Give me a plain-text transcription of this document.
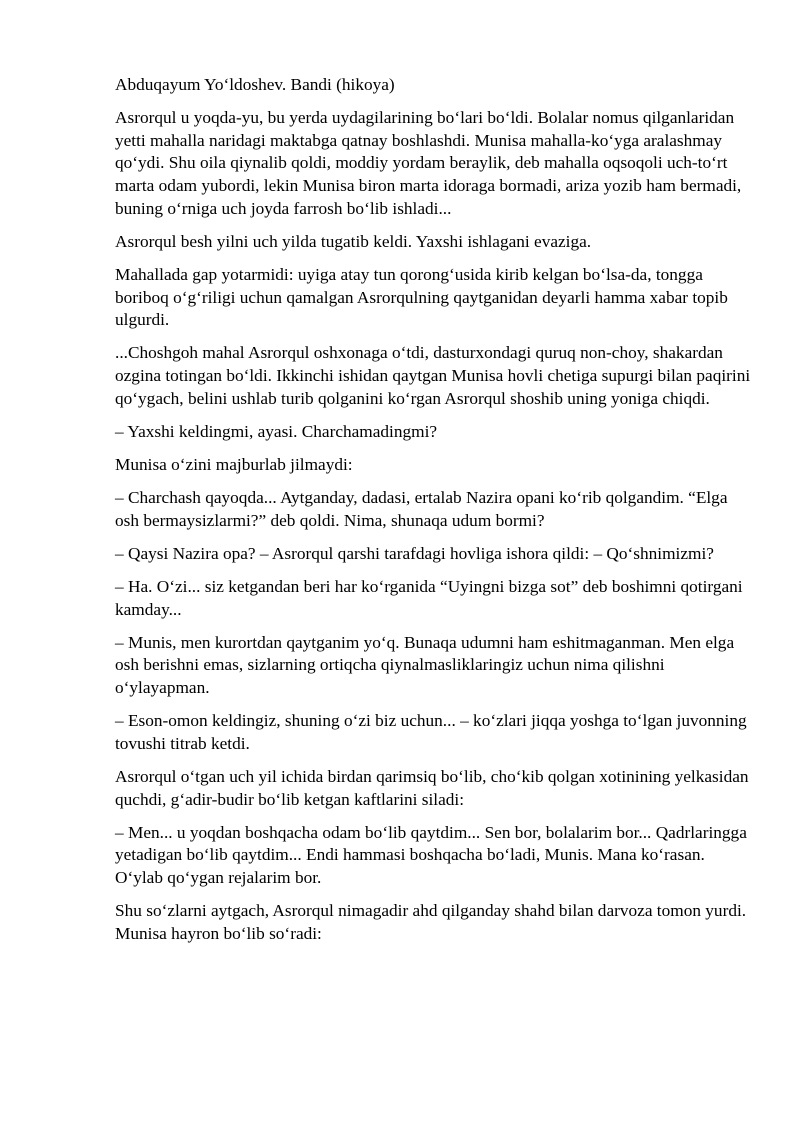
Abduqayum Yo‘ldoshev. Bandi (hikoya)

Asrorqul u yoqda-yu, bu yerda uydagilarining bo‘lari bo‘ldi. Bolalar nomus qilganlaridan yetti mahalla naridagi maktabga qatnay boshlashdi. Munisa mahalla-ko‘yga aralashmay qo‘ydi. Shu oila qiynalib qoldi, moddiy yordam beraylik, deb mahalla oqsoqoli uch-to‘rt marta odam yubordi, lekin Munisa biron marta idoraga bormadi, ariza yozib ham bermadi, buning o‘rniga uch joyda farrosh bo‘lib ishladi...

Asrorqul besh yilni uch yilda tugatib keldi. Yaxshi ishlagani evaziga.

Mahallada gap yotarmidi: uyiga atay tun qorong‘usida kirib kelgan bo‘lsa-da, tongga boriboq o‘g‘riligi uchun qamalgan Asrorqulning qaytganidan deyarli hamma xabar topib ulgurdi.

...Choshgoh mahal Asrorqul oshxonaga o‘tdi, dasturxondagi quruq non-choy, shakardan ozgina totingan bo‘ldi. Ikkinchi ishidan qaytgan Munisa hovli chetiga supurgi bilan paqirini qo‘ygach, belini ushlab turib qolganini ko‘rgan Asrorqul shoshib uning yoniga chiqdi.

– Yaxshi keldingmi, ayasi. Charchamadingmi?

Munisa o‘zini majburlab jilmaydi:

– Charchash qayoqda... Aytganday, dadasi, ertalab Nazira opani ko‘rib qolgandim. “Elga osh bermaysizlarmi?” deb qoldi. Nima, shunaqa udum bormi?

– Qaysi Nazira opa? – Asrorqul qarshi tarafdagi hovliga ishora qildi: – Qo‘shnimizmi?

– Ha. O‘zi... siz ketgandan beri har ko‘rganida “Uyingni bizga sot” deb boshimni qotirgani kamday...

– Munis, men kurortdan qaytganim yo‘q. Bunaqa udumni ham eshitmaganman. Men elga osh berishni emas, sizlarning ortiqcha qiynalmasliklaringiz uchun nima qilishni o‘ylayapman.

– Eson-omon keldingiz, shuning o‘zi biz uchun... – ko‘zlari jiqqa yoshga to‘lgan juvonning tovushi titrab ketdi.

Asrorqul o‘tgan uch yil ichida birdan qarimsiq bo‘lib, cho‘kib qolgan xotinining yelkasidan quchdi, g‘adir-budir bo‘lib ketgan kaftlarini siladi:

– Men... u yoqdan boshqacha odam bo‘lib qaytdim... Sen bor, bolalarim bor... Qadrlaringga yetadigan bo‘lib qaytdim... Endi hammasi boshqacha bo‘ladi, Munis. Mana ko‘rasan. O‘ylab qo‘ygan rejalarim bor.

Shu so‘zlarni aytgach, Asrorqul nimagadir ahd qilganday shahd bilan darvoza tomon yurdi. Munisa hayron bo‘lib so‘radi:
